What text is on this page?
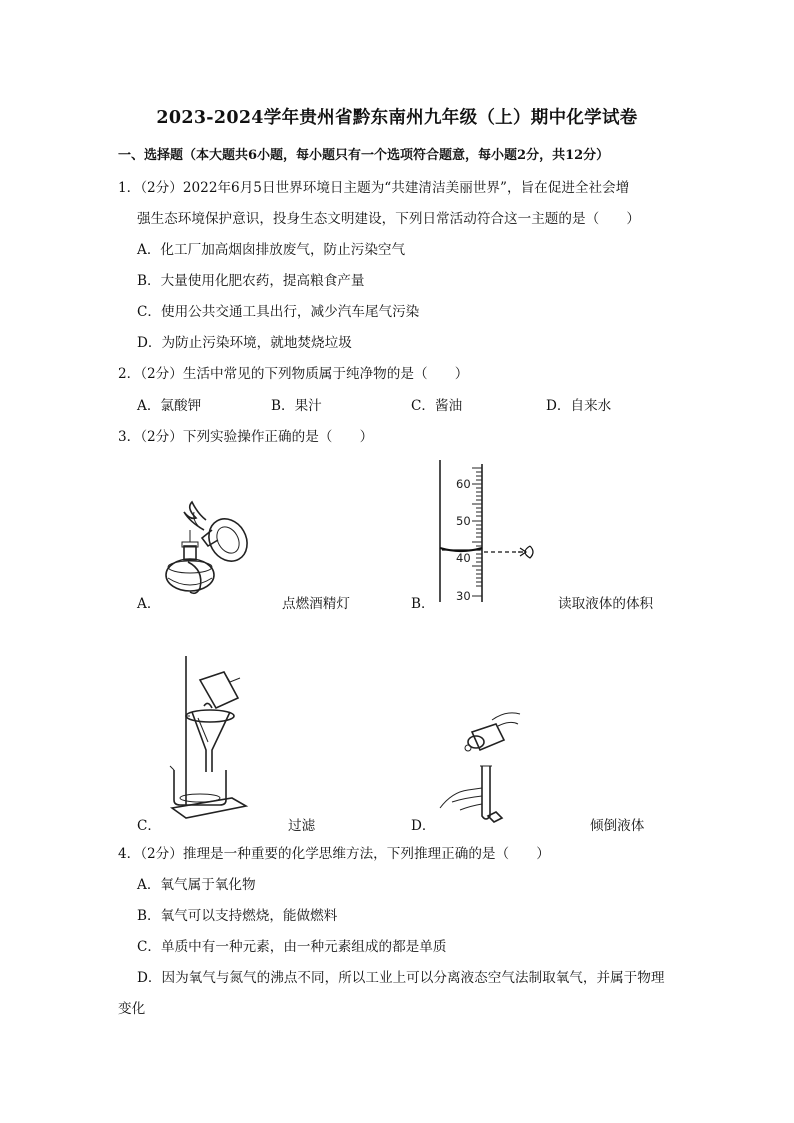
2023-2024学年贵州省黔东南州九年级（上）期中化学试卷
一、选择题（本大题共6小题，每小题只有一个选项符合题意，每小题2分，共12分）
1．（2分）2022年6月5日世界环境日主题为“共建清洁美丽世界”，旨在促进全社会增
强生态环境保护意识，投身生态文明建设，下列日常活动符合这一主题的是（　　）
A．化工厂加高烟囱排放废气，防止污染空气
B．大量使用化肥农药，提高粮食产量
C．使用公共交通工具出行，减少汽车尾气污染
D．为防止污染环境，就地焚烧垃圾
2．（2分）生活中常见的下列物质属于纯净物的是（　　）
A．氯酸钾	B．果汁	C．酱油	D．自来水
3．（2分）下列实验操作正确的是（　　）
A．	点燃酒精灯
60
50
40
30
B．	读取液体的体积
C．	过滤	D．	倾倒液体
4．（2分）推理是一种重要的化学思维方法，下列推理正确的是（　　）
A．氧气属于氧化物
B．氧气可以支持燃烧，能做燃料
C．单质中有一种元素，由一种元素组成的都是单质
D．因为氧气与氮气的沸点不同，所以工业上可以分离液态空气法制取氧气，并属于物理
变化
